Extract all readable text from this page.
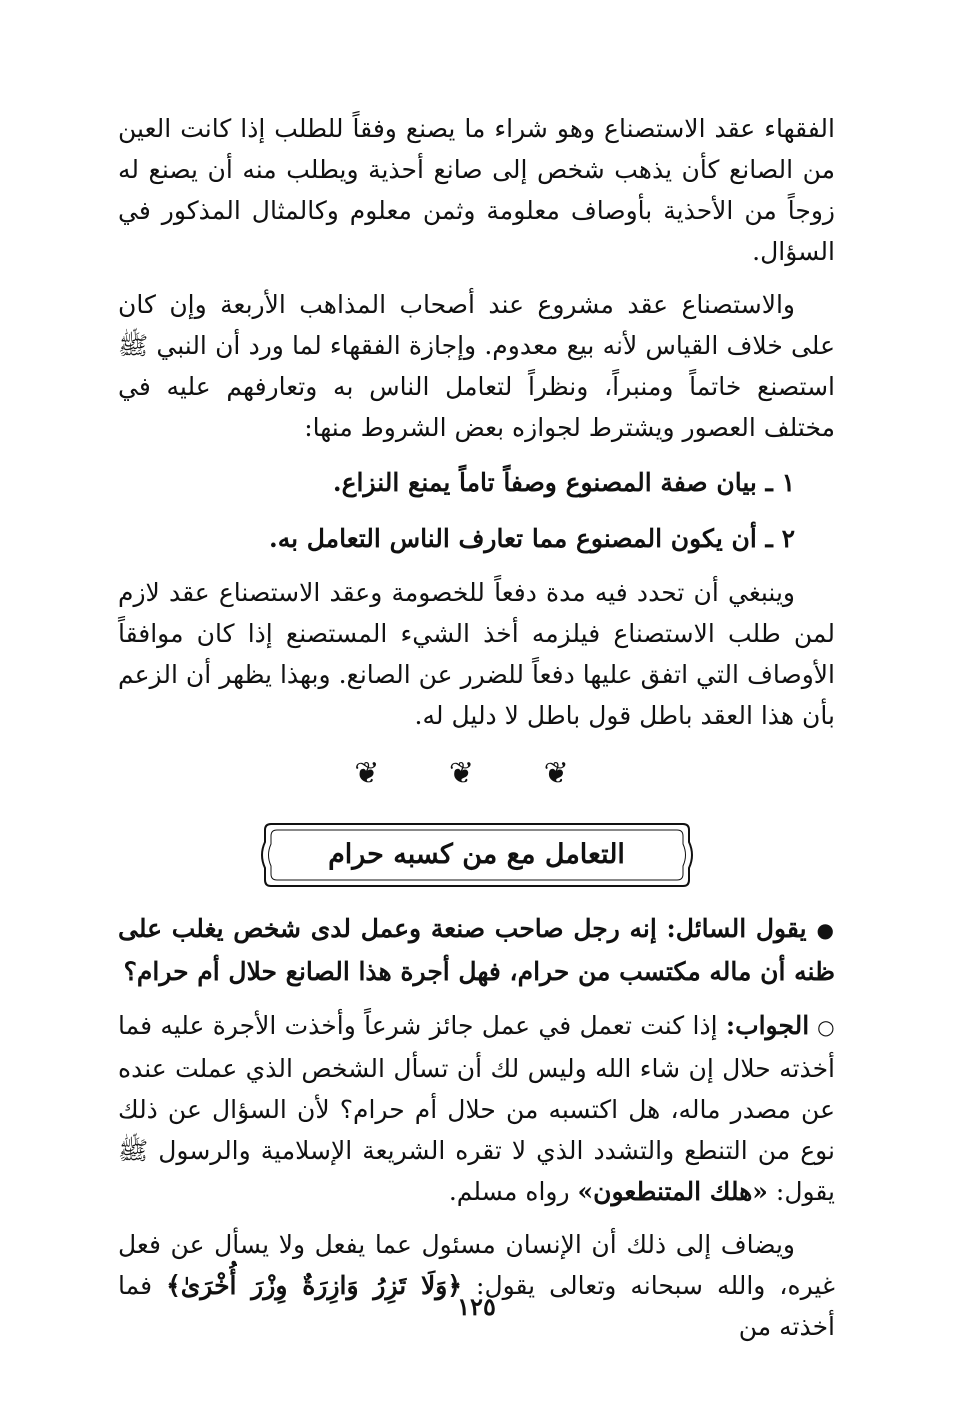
الفقهاء عقد الاستصناع وهو شراء ما يصنع وفقاً للطلب إذا كانت العين من الصانع كأن يذهب شخص إلى صانع أحذية ويطلب منه أن يصنع له زوجاً من الأحذية بأوصاف معلومة وثمن معلوم وكالمثال المذكور في السؤال.

والاستصناع عقد مشروع عند أصحاب المذاهب الأربعة وإن كان على خلاف القياس لأنه بيع معدوم. وإجازة الفقهاء لما ورد أن النبي ﷺ استصنع خاتماً ومنبراً، ونظراً لتعامل الناس به وتعارفهم عليه في مختلف العصور ويشترط لجوازه بعض الشروط منها:

١ ـ بيان صفة المصنوع وصفاً تاماً يمنع النزاع.

٢ ـ أن يكون المصنوع مما تعارف الناس التعامل به.

وينبغي أن تحدد فيه مدة دفعاً للخصومة وعقد الاستصناع عقد لازم لمن طلب الاستصناع فيلزمه أخذ الشيء المستصنع إذا كان موافقاً الأوصاف التي اتفق عليها دفعاً للضرر عن الصانع. وبهذا يظهر أن الزعم بأن هذا العقد باطل قول باطل لا دليل له.

❦ ❦ ❦
التعامل مع من كسبه حرام

●يقول السائل: إنه رجل صاحب صنعة وعمل لدى شخص يغلب على ظنه أن ماله مكتسب من حرام، فهل أجرة هذا الصانع حلال أم حرام؟

○الجواب: إذا كنت تعمل في عمل جائز شرعاً وأخذت الأجرة عليه فما أخذته حلال إن شاء الله وليس لك أن تسأل الشخص الذي عملت عنده عن مصدر ماله، هل اكتسبه من حلال أم حرام؟ لأن السؤال عن ذلك نوع من التنطع والتشدد الذي لا تقره الشريعة الإسلامية والرسول ﷺ يقول: «هلك المتنطعون» رواه مسلم.

ويضاف إلى ذلك أن الإنسان مسئول عما يفعل ولا يسأل عن فعل غيره، والله سبحانه وتعالى يقول: ﴿وَلَا تَزِرُ وَازِرَةٌ وِزْرَ أُخْرَىٰ﴾ فما أخذته من

١٢٥
